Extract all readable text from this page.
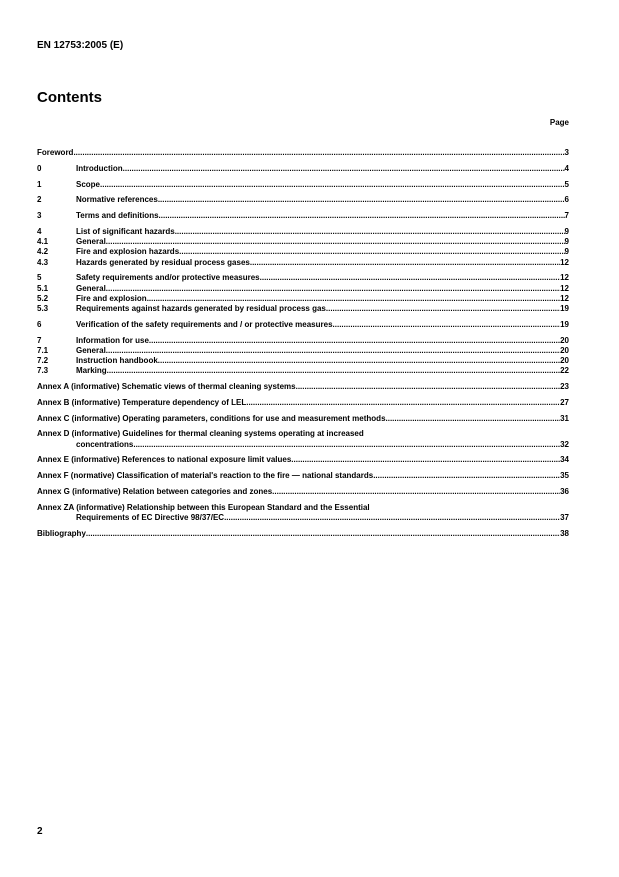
EN 12753:2005 (E)
Contents
Page
Foreword .....	3
0	Introduction .....	4
1	Scope .....	5
2	Normative references .....	6
3	Terms and definitions .....	7
4	List of significant hazards .....	9
4.1	General .....	9
4.2	Fire and explosion hazards .....	9
4.3	Hazards generated by residual process gases .....	12
5	Safety requirements and/or protective measures .....	12
5.1	General .....	12
5.2	Fire and explosion .....	12
5.3	Requirements against hazards generated by residual process gas .....	19
6	Verification of the safety requirements and / or protective measures .....	19
7	Information for use .....	20
7.1	General .....	20
7.2	Instruction handbook .....	20
7.3	Marking .....	22
Annex A (informative) Schematic views of thermal cleaning systems .....	23
Annex B (informative) Temperature dependency of LEL .....	27
Annex C (informative) Operating parameters, conditions for use and measurement methods .....	31
Annex D (informative) Guidelines for thermal cleaning systems operating at increased
concentrations .....	32
Annex E (informative) References to national exposure limit values .....	34
Annex F (normative) Classification of material's reaction to the fire — national standards .....	35
Annex G (informative) Relation between categories and zones .....	36
Annex ZA (informative) Relationship between this European Standard and the Essential
Requirements of EC Directive 98/37/EC .....	37
Bibliography .....	38
2
